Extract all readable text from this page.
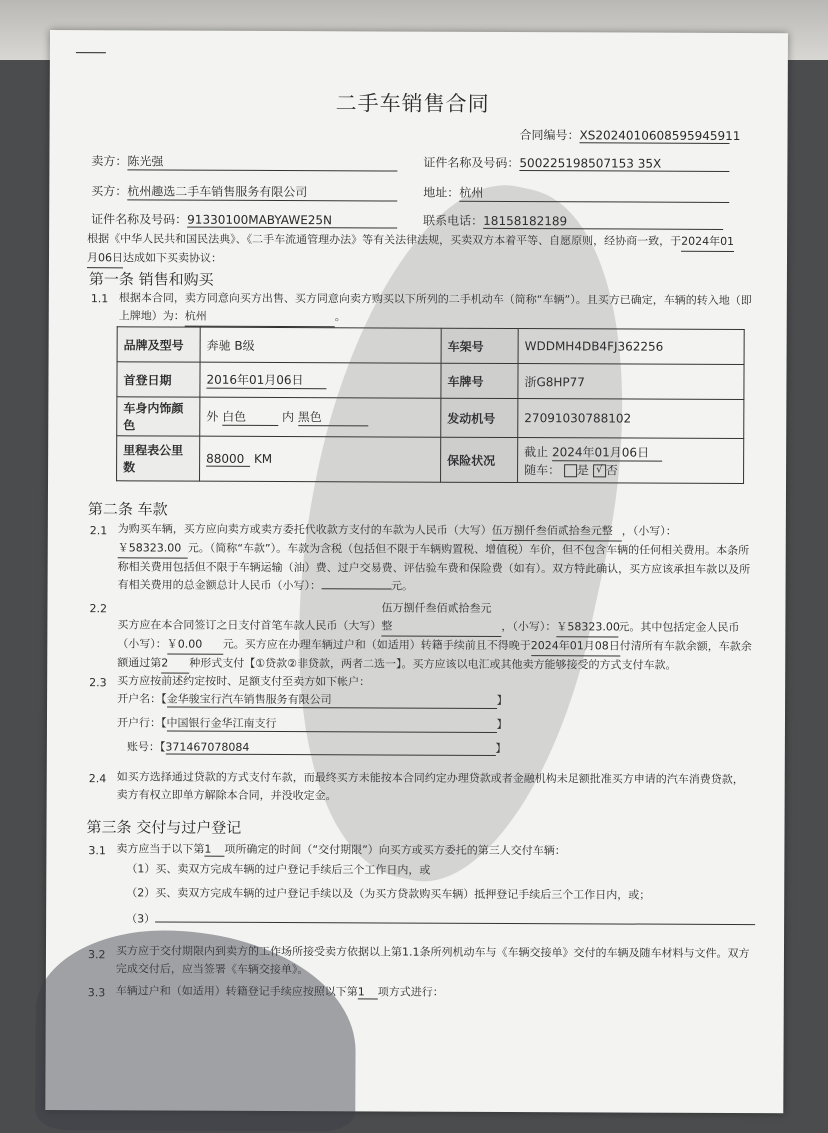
二手车销售合同
合同编号：XS2024010608595945911
卖方：陈光强	证件名称及号码：500225198507153 35X
买方：杭州趣选二手车销售服务有限公司	地址：杭州
证件名称及号码：91330100MABYAWE25N	联系电话：18158182189
根据《中华人民共和国民法典》、《二手车流通管理办法》等有关法律法规，买卖双方本着平等、自愿原则，经协商一致，于2024年01
月06日达成如下买卖协议：
第一条 销售和购买
1.1 根据本合同，卖方同意向买方出售、买方同意向卖方购买以下所列的二手机动车（简称“车辆”）。且买方已确定，车辆的转入地（即上牌地）为：杭州	。
品牌及型号	奔驰 B级	车架号	WDDMH4DB4FJ362256
首登日期	2016年01月06日	车牌号	浙G8HP77
车身内饰颜色	外 白色 内 黑色	发动机号	27091030788102
里程表公里数	88000 KM	保险状况	截止 2024年01月06日
随车： 是 √ 否
第二条 车款
2.1 为购买车辆，买方应向卖方或卖方委托代收款方支付的车款为人民币（大写）伍万捌仟叁佰贰拾叁元整 ，（小写）：
￥58323.00 元。（简称“车款”）。车款为含税（包括但不限于车辆购置税、增值税）车价，但不包含车辆的任何相关费用。本条所称相关费用包括但不限于车辆运输（油）费、过户交易费、评估验车费和保险费（如有）。双方特此确认，买方应该承担车款以及所有相关费用的总金额总计人民币（小写）：	元。
2.2
买方应在本合同签订之日支付首笔车款人民币（大写）伍万捌仟叁佰贰拾叁元整	，（小写）：￥58323.00元。其中包括定金人民币（小写）：￥0.00 元。买方应在办理车辆过户和（如适用）转籍手续前且不得晚于2024年01月08日付清所有车款余额，车款余额通过第2 种形式支付【①贷款②非贷款，两者二选一】。买方应该以电汇或其他卖方能够接受的方式支付车款。
2.3 买方应按前述约定按时、足额支付至卖方如下帐户：
开户名：【金华骏宝行汽车销售服务有限公司	】
开户行：【中国银行金华江南支行	】
账号：【371467078084	】
2.4 如买方选择通过贷款的方式支付车款，而最终买方未能按本合同约定办理贷款或者金融机构未足额批准买方申请的汽车消费贷款，卖方有权立即单方解除本合同，并没收定金。
第三条 交付与过户登记
3.1 卖方应当于以下第1 项所确定的时间（“交付期限”）向买方或买方委托的第三人交付车辆：
（1）买、卖双方完成车辆的过户登记手续后三个工作日内，或
（2）买、卖双方完成车辆的过户登记手续以及（为买方贷款购买车辆）抵押登记手续后三个工作日内，或；
（3）
3.2 买方应于交付期限内到卖方的工作场所接受卖方依据以上第1.1条所列机动车与《车辆交接单》交付的车辆及随车材料与文件。双方完成交付后，应当签署《车辆交接单》。
3.3 车辆过户和（如适用）转籍登记手续应按照以下第1 项方式进行：
